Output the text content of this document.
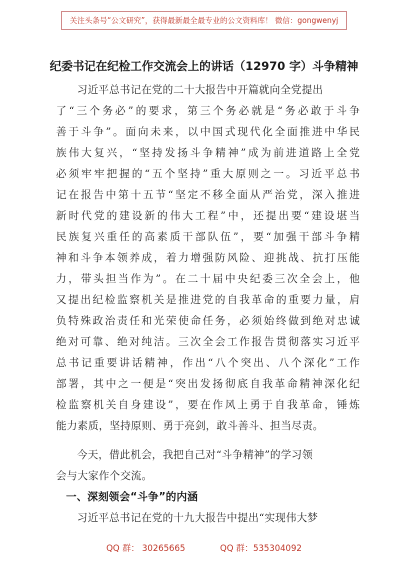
关注头条号“公文研究”，获得最新最全最专业的公文资料库！ 微信：gongwenyj
纪委书记在纪检工作交流会上的讲话（12970 字）斗争精神
习近平总书记在党的二十大报告中开篇就向全党提出
了“三个务必”的要求，第三个务必就是“务必敢于斗争
善于斗争”。面向未来，以中国式现代化全面推进中华民
族伟大复兴，“坚持发扬斗争精神”成为前进道路上全党
必须牢牢把握的“五个坚持”重大原则之一。习近平总书
记在报告中第十五节“坚定不移全面从严治党，深入推进
新时代党的建设新的伟大工程”中，还提出要“建设堪当
民族复兴重任的高素质干部队伍”，要“加强干部斗争精
神和斗争本领养成，着力增强防风险、迎挑战、抗打压能
力，带头担当作为”。在二十届中央纪委三次全会上，他
又提出纪检监察机关是推进党的自我革命的重要力量，肩
负特殊政治责任和光荣使命任务，必须始终做到绝对忠诚
绝对可靠、绝对纯洁。三次全会工作报告贯彻落实习近平
总书记重要讲话精神，作出“八个突出、八个深化”工作
部署，其中之一便是“突出发扬彻底自我革命精神深化纪
检监察机关自身建设”，要在作风上勇于自我革命，锤炼
能力素质，坚持原则、勇于亮剑，敢斗善斗、担当尽责。
今天，借此机会，我把自己对“斗争精神”的学习领
会与大家作个交流。
一、深刻领会“斗争”的内涵
习近平总书记在党的十九大报告中提出“实现伟大梦
QQ 群： 30265665	QQ 群：535304092
